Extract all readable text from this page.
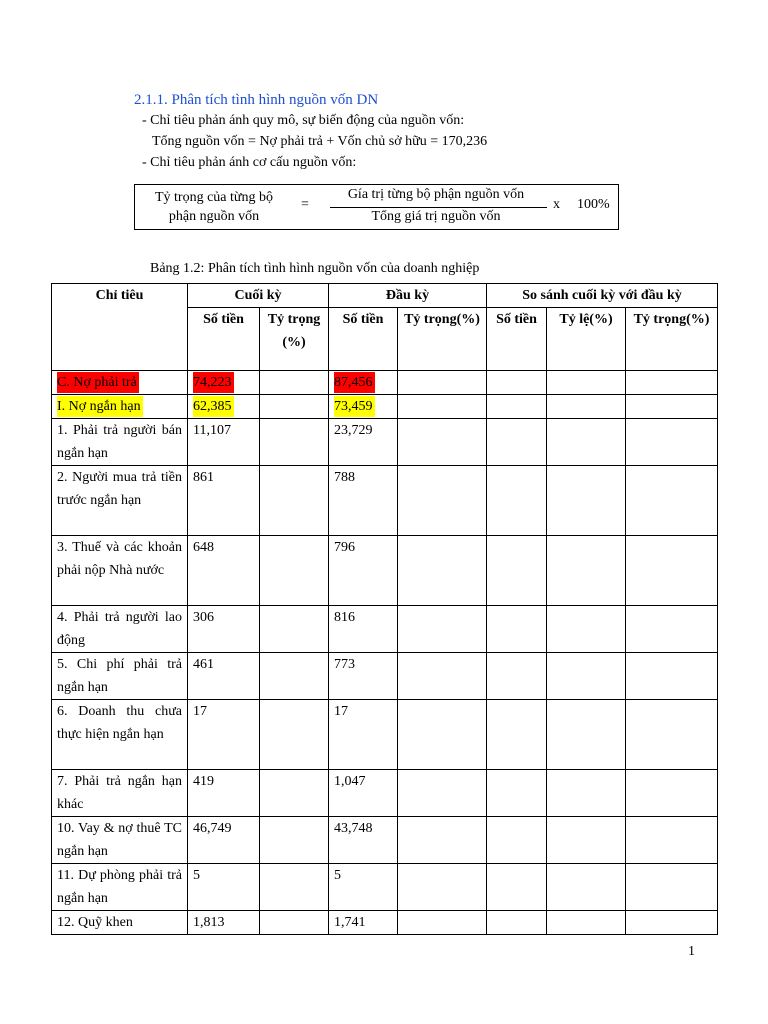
2.1.1. Phân tích tình hình nguồn vốn DN
- Chỉ tiêu phản ánh quy mô, sự biến động của nguồn vốn:
Tổng nguồn vốn = Nợ phải trả + Vốn chủ sở hữu = 170,236
- Chỉ tiêu phản ánh cơ cấu nguồn vốn:
Tỷ trọng của từng bộ
phận nguồn vốn
=
Gía trị từng bộ phận nguồn vốn
Tổng giá trị nguồn vốn
x 100%
Bảng 1.2: Phân tích tình hình nguồn vốn của doanh nghiệp
Chỉ tiêu	Cuối kỳ		Đầu kỳ		So sánh cuối kỳ với đầu kỳ		
	Số tiền	Tỷ trọng (%)	Số tiền	Tỷ trọng(%)	Số tiền	Tỷ lệ(%)	Tỷ trọng(%)
C. Nợ phải trả	74,223		87,456				
I. Nợ ngắn hạn	62,385		73,459				
1. Phải trả người bán ngắn hạn	11,107		23,729				
2. Người mua trả tiền trước ngắn hạn	861		788				
3. Thuế và các khoản phải nộp Nhà nước	648		796				
4. Phải trả người lao động	306		816				
5. Chi phí phải trả ngắn hạn	461		773				
6. Doanh thu chưa thực hiện ngắn hạn	17		17				
7. Phải trả ngắn hạn khác	419		1,047				
10. Vay & nợ thuê TC ngắn hạn	46,749		43,748				
11. Dự phòng phải trả ngắn hạn	5		5				
12. Quỹ khen	1,813		1,741				
1
